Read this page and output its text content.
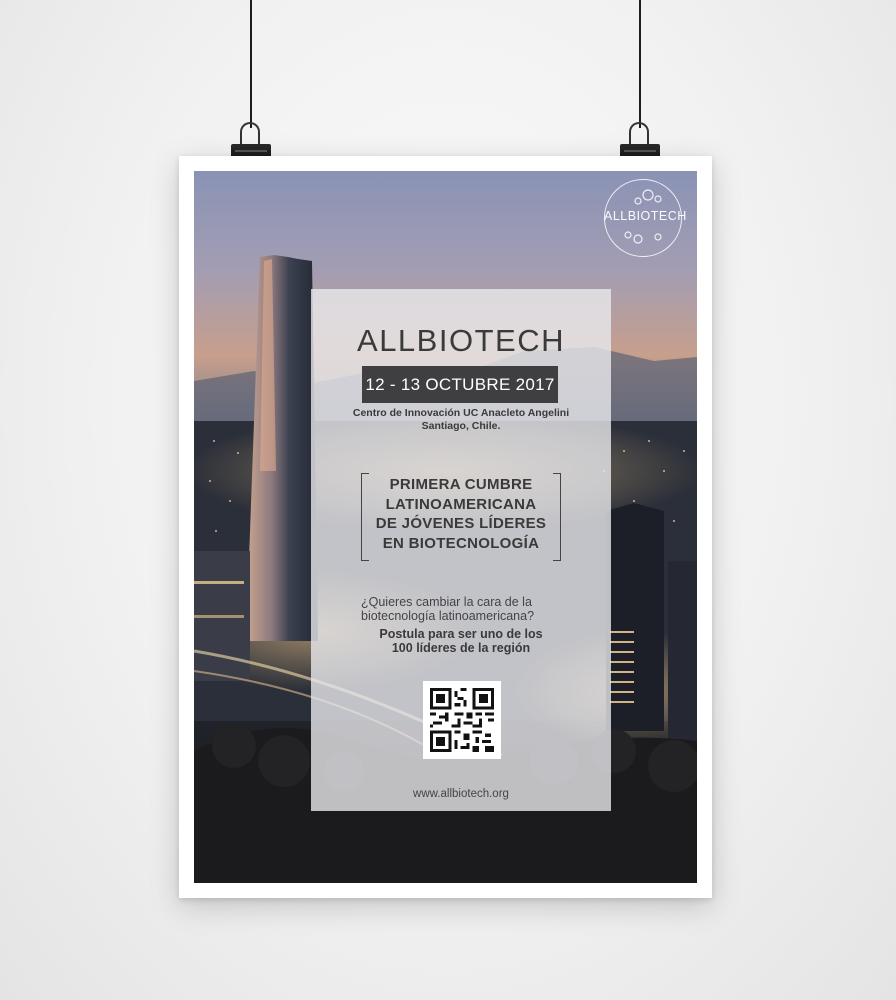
ALLBIOTECH
ALLBIOTECH
12 - 13 OCTUBRE 2017
Centro de Innovación UC Anacleto Angelini
Santiago, Chile.
PRIMERA CUMBRE
LATINOAMERICANA
DE JÓVENES LÍDERES
EN BIOTECNOLOGÍA
¿Quieres cambiar la cara de la
biotecnología latinoamericana?
Postula para ser uno de los
100 líderes de la región
www.allbiotech.org
